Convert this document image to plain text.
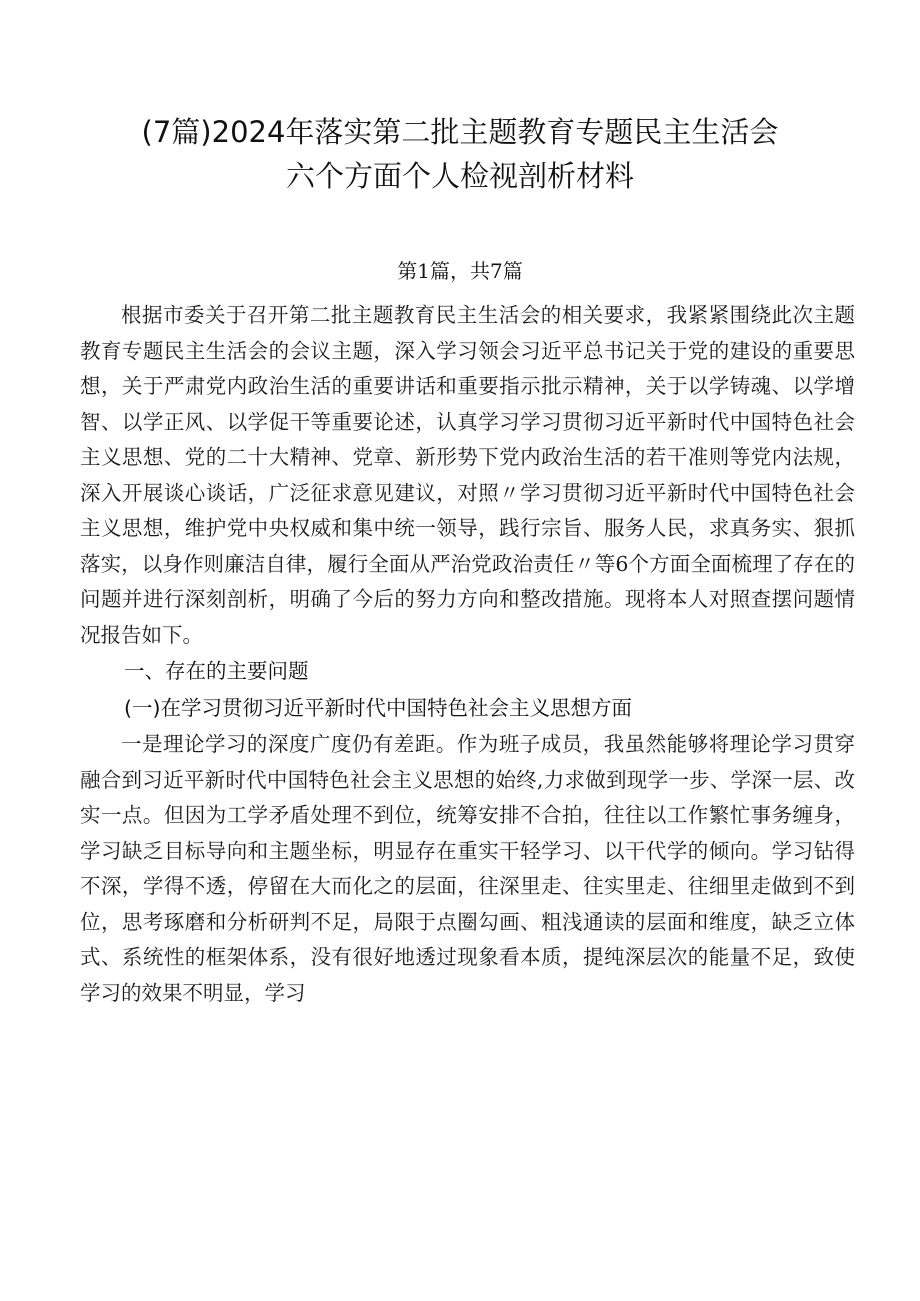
(7篇)2024年落实第二批主题教育专题民主生活会
六个方面个人检视剖析材料
第1篇，共7篇

根据市委关于召开第二批主题教育民主生活会的相关要求，我紧紧围绕此次主题教育专题民主生活会的会议主题，深入学习领会习近平总书记关于党的建设的重要思想，关于严肃党内政治生活的重要讲话和重要指示批示精神，关于以学铸魂、以学增智、以学正风、以学促干等重要论述，认真学习学习贯彻习近平新时代中国特色社会主义思想、党的二十大精神、党章、新形势下党内政治生活的若干准则等党内法规，深入开展谈心谈话，广泛征求意见建议，对照〃学习贯彻习近平新时代中国特色社会主义思想，维护党中央权威和集中统一领导，践行宗旨、服务人民，求真务实、狠抓落实，以身作则廉洁自律，履行全面从严治党政治责任〃等6个方面全面梳理了存在的问题并进行深刻剖析，明确了今后的努力方向和整改措施。现将本人对照查摆问题情况报告如下。

一、存在的主要问题

(一)在学习贯彻习近平新时代中国特色社会主义思想方面

一是理论学习的深度广度仍有差距。作为班子成员，我虽然能够将理论学习贯穿融合到习近平新时代中国特色社会主义思想的始终,力求做到现学一步、学深一层、改实一点。但因为工学矛盾处理不到位，统筹安排不合拍，往往以工作繁忙事务缠身，学习缺乏目标导向和主题坐标，明显存在重实干轻学习、以干代学的倾向。学习钻得不深，学得不透，停留在大而化之的层面，往深里走、往实里走、往细里走做到不到位，思考琢磨和分析研判不足，局限于点圈勾画、粗浅通读的层面和维度，缺乏立体式、系统性的框架体系，没有很好地透过现象看本质，提纯深层次的能量不足，致使学习的效果不明显，学习
